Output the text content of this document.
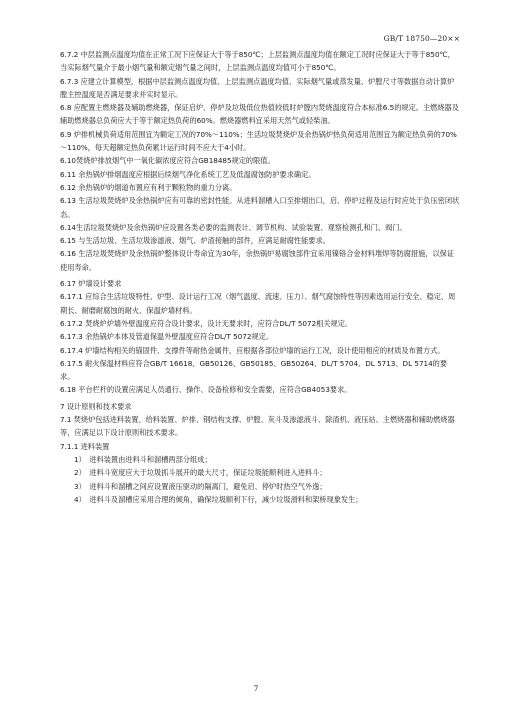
GB/T 18750—20××

6.7.2 中层监测点温度均值在正常工况下应保证大于等于850℃；上层监测点温度均值在额定工况时应保证大于等于850℃，当实际烟气量介于最小烟气量和额定烟气量之间时，上层监测点温度均值可小于850℃。

6.7.3 应建立计算模型，根据中层监测点温度均值、上层监测点温度均值、实际烟气量或蒸发量、炉膛尺寸等数据自动计算炉膛主控温度是否满足要求并实时显示。

6.8 应配置主燃烧器及辅助燃烧器，保证启炉、停炉及垃圾低位热值较低时炉膛内焚烧温度符合本标准6.5的规定。主燃烧器及辅助燃烧器总负荷应大于等于额定热负荷的60%。燃烧器燃料宜采用天然气或轻柴油。

6.9 炉排机械负荷适用范围宜为额定工况的70%～110%；生活垃圾焚烧炉及余热锅炉热负荷适用范围宜为额定热负荷的70%～110%，每天超额定热负荷累计运行时间不应大于4小时。

6.10焚烧炉排放烟气中一氧化碳浓度应符合GB18485规定的限值。

6.11 余热锅炉排烟温度应根据后续烟气净化系统工艺及低温腐蚀防护要求确定。

6.12 余热锅炉的烟道布置应有利于颗粒物的重力分离。

6.13 生活垃圾焚烧炉及余热锅炉应有可靠的密封性能。从进料溜槽入口至排烟出口，启、停炉过程及运行时应处于负压密闭状态。

6.14生活垃圾焚烧炉及余热锅炉应设置各类必要的监测表计、调节机构、试验装置、观察检测孔和门、阀门。

6.15 与生活垃圾、生活垃圾渗滤液、烟气、炉渣接触的部件，应满足耐腐性能要求。

6.16 生活垃圾焚烧炉及余热锅炉整体设计寿命宜为30年，余热锅炉易腐蚀部件宜采用镍铬合金材料堆焊等防腐措施，以保证使用寿命。

6.17 炉墙设计要求

6.17.1 应综合生活垃圾特性、炉型、设计运行工况（烟气温度、流速、压力）、烟气腐蚀特性等因素选用运行安全、稳定、周期长、耐磨耐腐蚀的耐火、保温炉墙材料。

6.17.2 焚烧炉炉墙外壁温度应符合设计要求，设计无要求时，应符合DL/T 5072相关规定。

6.17.3 余热锅炉本体及管道保温外壁温度应符合DL/T 5072规定。

6.17.4 炉墙结构相关的锚固件、支撑件等耐热金属件，应根据各部位炉墙的运行工况，设计使用相应的材质及布置方式。

6.17.5 耐火保温材料应符合GB/T 16618、GB50126、GB50185、GB50264、DL/T 5704、DL 5713、DL 5714的要求。

6.18 平台栏杆的设置应满足人员通行、操作、设备检修和安全需要，应符合GB4053要求。

7 设计原则和技术要求

7.1 焚烧炉包括进料装置、给料装置、炉排、钢结构支撑、炉膛、灰斗及渗滤液斗、除渣机、液压站、主燃烧器和辅助燃烧器等，应满足以下设计原则和技术要求。

7.1.1 进料装置

1）　进料装置由进料斗和溜槽两部分组成；

2）　进料斗宽度应大于垃圾抓斗展开的最大尺寸，保证垃圾能顺利进入进料斗；

3）　进料斗和溜槽之间应设置液压驱动的隔离门，避免启、停炉时热空气外逸；

4）　进料斗及溜槽应采用合理的倾角，确保垃圾顺利下行，减少垃圾滑料和架桥现象发生；

7
